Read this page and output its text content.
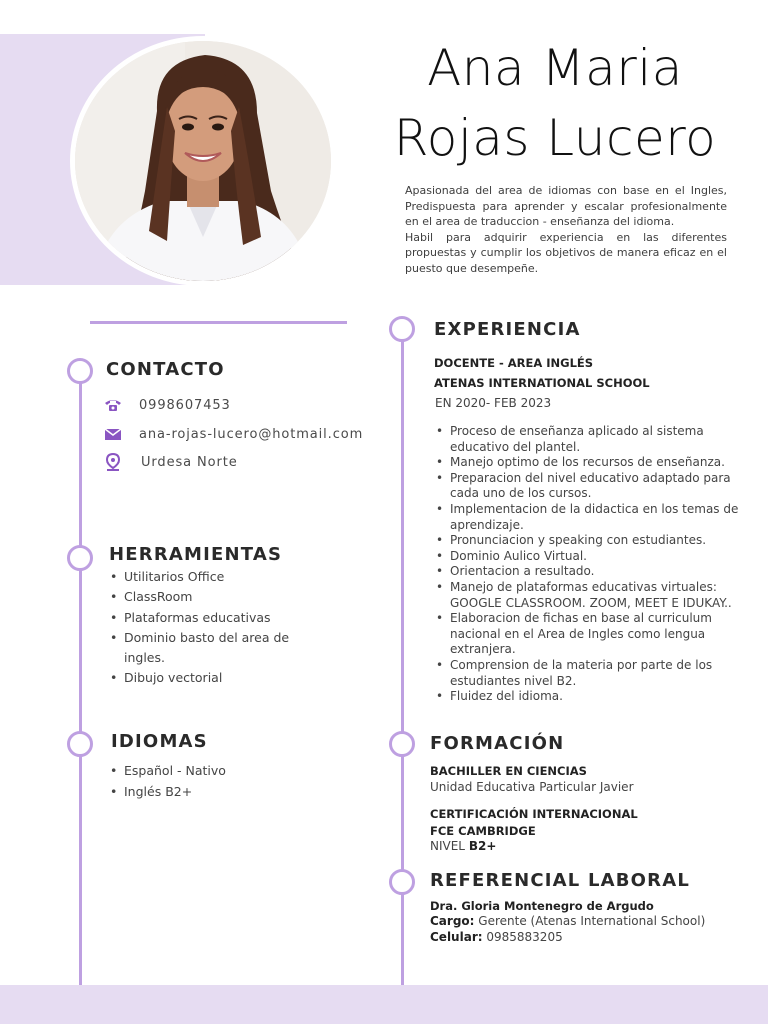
Ana Maria
Rojas Lucero
Apasionada del area de idiomas con base en el Ingles, Predispuesta para aprender y escalar profesionalmente en el area de traduccion - enseñanza del idioma.
Habil para adquirir experiencia en las diferentes propuestas y cumplir los objetivos de manera eficaz en el puesto que desempeñe.
CONTACTO
0998607453
ana-rojas-lucero@hotmail.com
Urdesa Norte
HERRAMIENTAS
• Utilitarios Office
• ClassRoom
• Plataformas educativas
• Dominio basto del area de ingles.
• Dibujo vectorial
IDIOMAS
• Español - Nativo
• Inglés B2+
EXPERIENCIA
DOCENTE - AREA INGLÉS
ATENAS INTERNATIONAL SCHOOL
EN 2020- FEB 2023
• Proceso de enseñanza aplicado al sistema educativo del plantel.
• Manejo optimo de los recursos de enseñanza.
• Preparacion del nivel educativo adaptado para cada uno de los cursos.
• Implementacion de la didactica en los temas de aprendizaje.
• Pronunciacion y speaking con estudiantes.
• Dominio Aulico Virtual.
• Orientacion a resultado.
• Manejo de plataformas educativas virtuales: GOOGLE CLASSROOM. ZOOM, MEET E IDUKAY..
• Elaboracion de fichas en base al curriculum nacional en el Area de Ingles como lengua extranjera.
• Comprension de la materia por parte de los estudiantes nivel B2.
• Fluidez del idioma.
FORMACIÓN
BACHILLER EN CIENCIAS
Unidad Educativa Particular Javier
CERTIFICACIÓN INTERNACIONAL
FCE CAMBRIDGE
NIVEL B2+
REFERENCIAL LABORAL
Dra. Gloria Montenegro de Argudo
Cargo: Gerente (Atenas International School)
Celular: 0985883205
